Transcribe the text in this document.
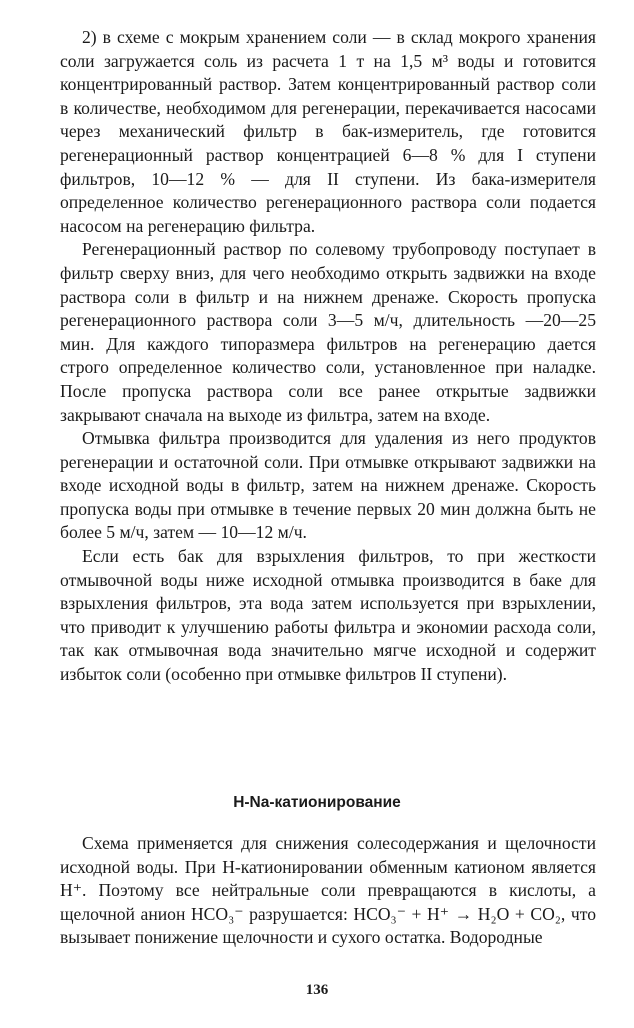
2) в схеме с мокрым хранением соли — в склад мокрого хранения соли загружается соль из расчета 1 т на 1,5 м³ воды и готовится концентрированный раствор. Затем концентрированный раствор соли в количестве, необходимом для регенерации, перекачивается насосами через механический фильтр в бак-измеритель, где готовится регенерационный раствор концентрацией 6—8 % для I ступени фильтров, 10—12 % — для II ступени. Из бака-измерителя определенное количество регенерационного раствора соли подается насосом на регенерацию фильтра.

Регенерационный раствор по солевому трубопроводу поступает в фильтр сверху вниз, для чего необходимо открыть задвижки на входе раствора соли в фильтр и на нижнем дренаже. Скорость пропуска регенерационного раствора соли 3—5 м/ч, длительность —20—25 мин. Для каждого типоразмера фильтров на регенерацию дается строго определенное количество соли, установленное при наладке. После пропуска раствора соли все ранее открытые задвижки закрывают сначала на выходе из фильтра, затем на входе.

Отмывка фильтра производится для удаления из него продуктов регенерации и остаточной соли. При отмывке открывают задвижки на входе исходной воды в фильтр, затем на нижнем дренаже. Скорость пропуска воды при отмывке в течение первых 20 мин должна быть не более 5 м/ч, затем — 10—12 м/ч.

Если есть бак для взрыхления фильтров, то при жесткости отмывочной воды ниже исходной отмывка производится в баке для взрыхления фильтров, эта вода затем используется при взрыхлении, что приводит к улучшению работы фильтра и экономии расхода соли, так как отмывочная вода значительно мягче исходной и содержит избыток соли (особенно при отмывке фильтров II ступени).

H-Na-катионирование

Схема применяется для снижения солесодержания и щелочности исходной воды. При H-катионировании обменным катионом является H⁺. Поэтому все нейтральные соли превращаются в кислоты, а щелочной анион HCO₃⁻ разрушается: HCO₃⁻ + H⁺ → H₂O + CO₂, что вызывает понижение щелочности и сухого остатка. Водородные

136
